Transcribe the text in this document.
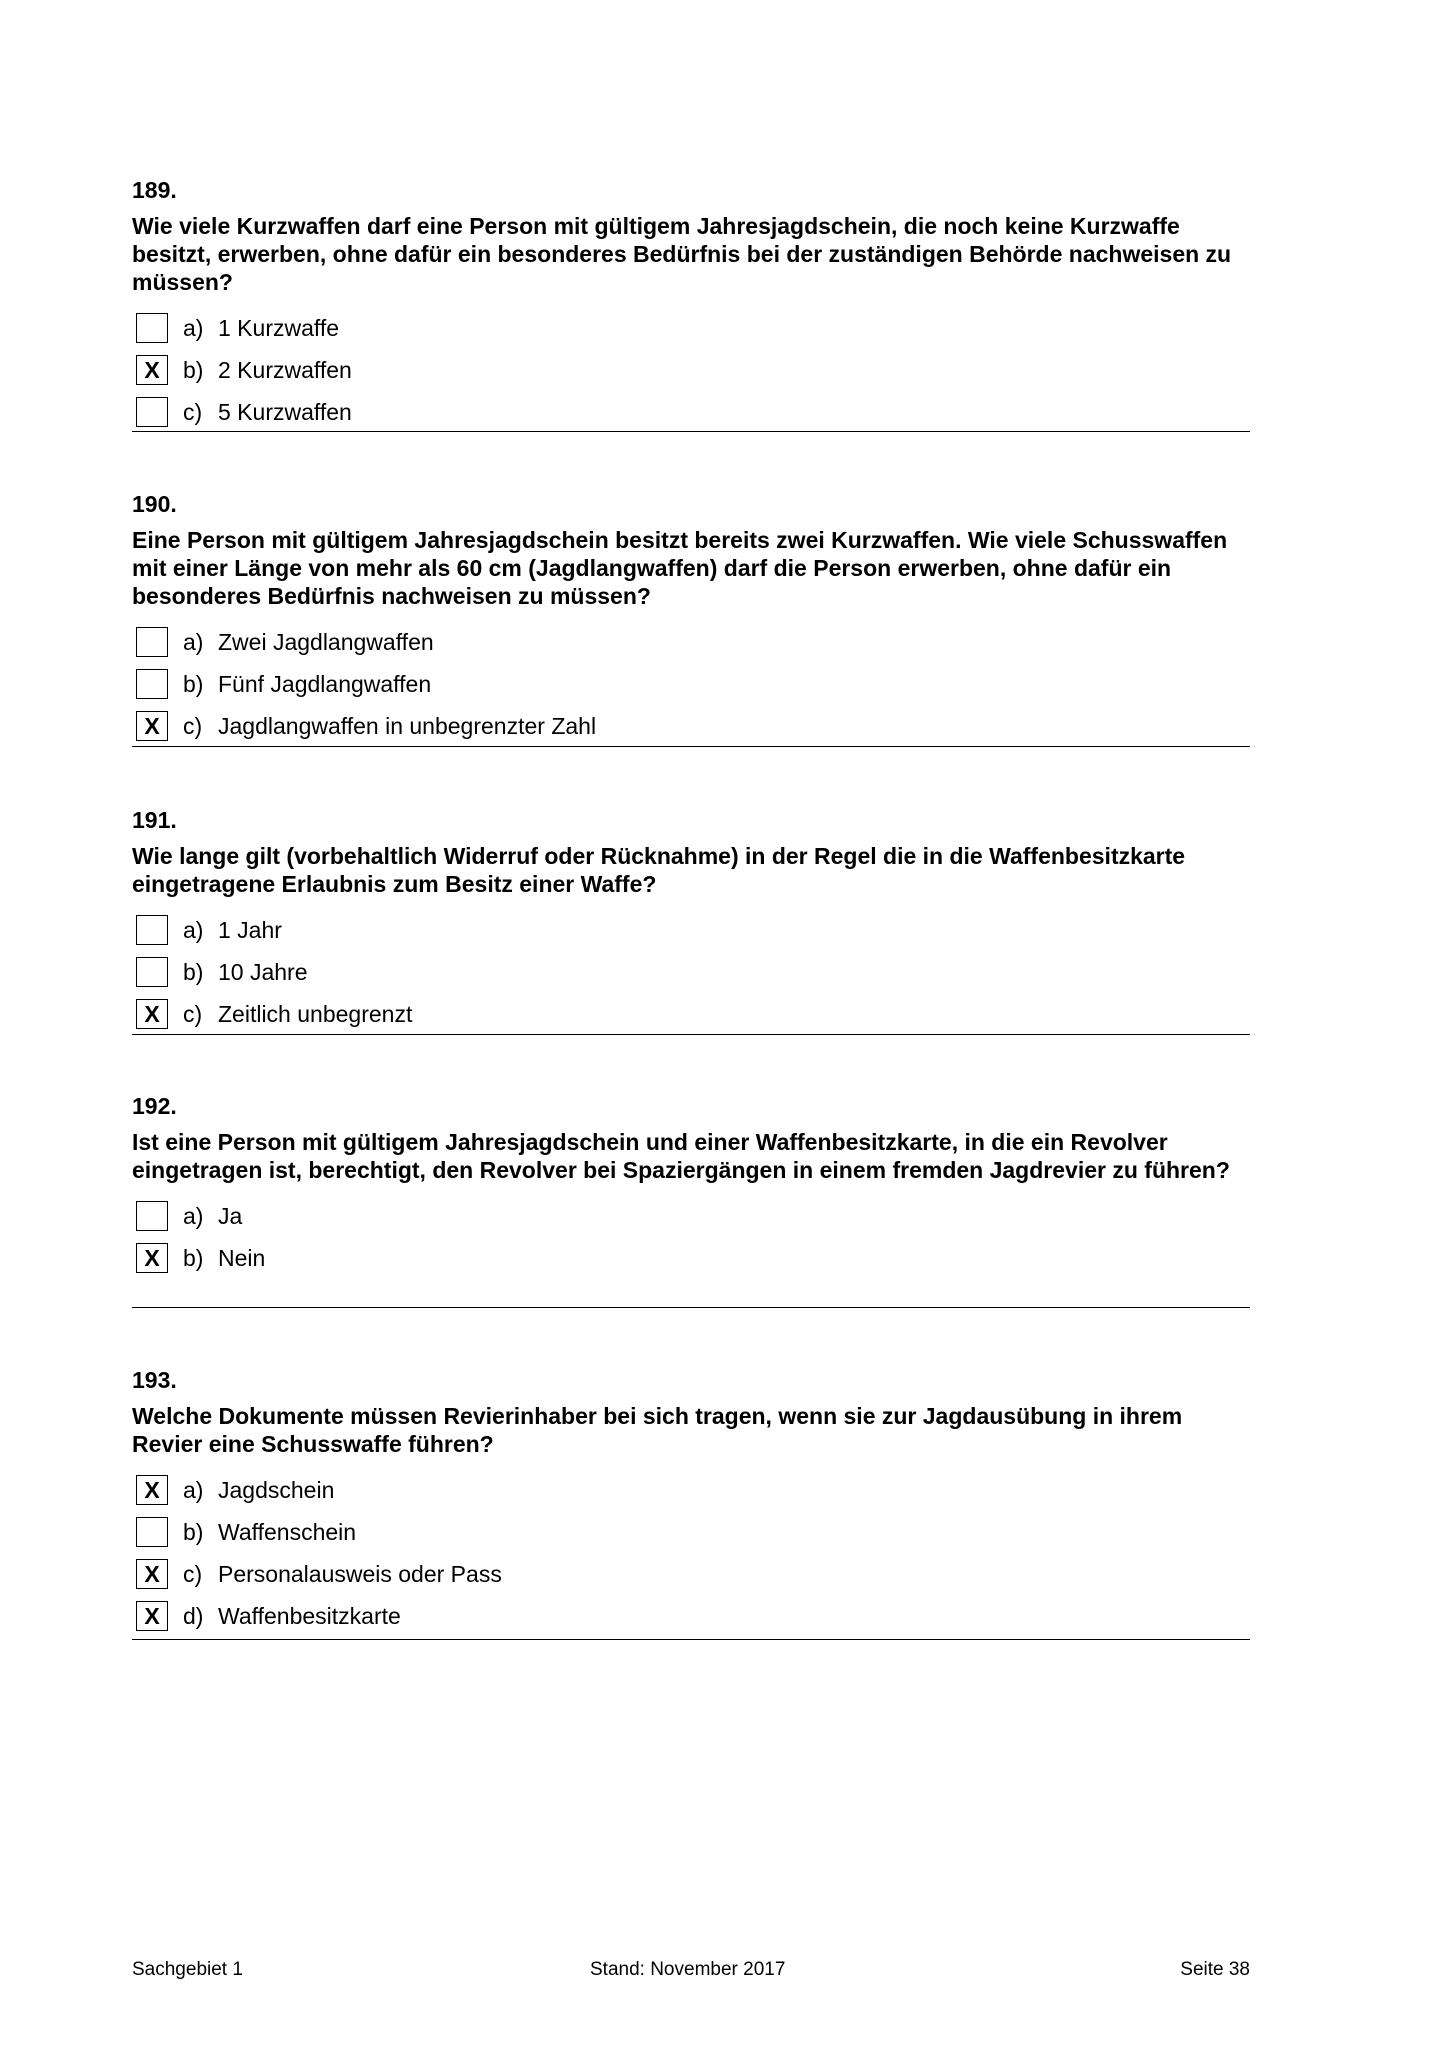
189.
Wie viele Kurzwaffen darf eine Person mit gültigem Jahresjagdschein, die noch keine Kurzwaffe besitzt, erwerben, ohne dafür ein besonderes Bedürfnis bei der zuständigen Behörde nachweisen zu müssen?
a) 1 Kurzwaffe
X	b) 2 Kurzwaffen
c) 5 Kurzwaffen
190.
Eine Person mit gültigem Jahresjagdschein besitzt bereits zwei Kurzwaffen. Wie viele Schusswaffen mit einer Länge von mehr als 60 cm (Jagdlangwaffen) darf die Person erwerben, ohne dafür ein besonderes Bedürfnis nachweisen zu müssen?
a) Zwei Jagdlangwaffen
b) Fünf Jagdlangwaffen
X	c) Jagdlangwaffen in unbegrenzter Zahl
191.
Wie lange gilt (vorbehaltlich Widerruf oder Rücknahme) in der Regel die in die Waffenbesitzkarte eingetragene Erlaubnis zum Besitz einer Waffe?
a) 1 Jahr
b) 10 Jahre
X	c) Zeitlich unbegrenzt
192.
Ist eine Person mit gültigem Jahresjagdschein und einer Waffenbesitzkarte, in die ein Revolver eingetragen ist, berechtigt, den Revolver bei Spaziergängen in einem fremden Jagdrevier zu führen?
a) Ja
X	b) Nein
193.
Welche Dokumente müssen Revierinhaber bei sich tragen, wenn sie zur Jagdausübung in ihrem Revier eine Schusswaffe führen?
X	a) Jagdschein
b) Waffenschein
X	c) Personalausweis oder Pass
X	d) Waffenbesitzkarte
Sachgebiet 1	Stand: November 2017	Seite 38
